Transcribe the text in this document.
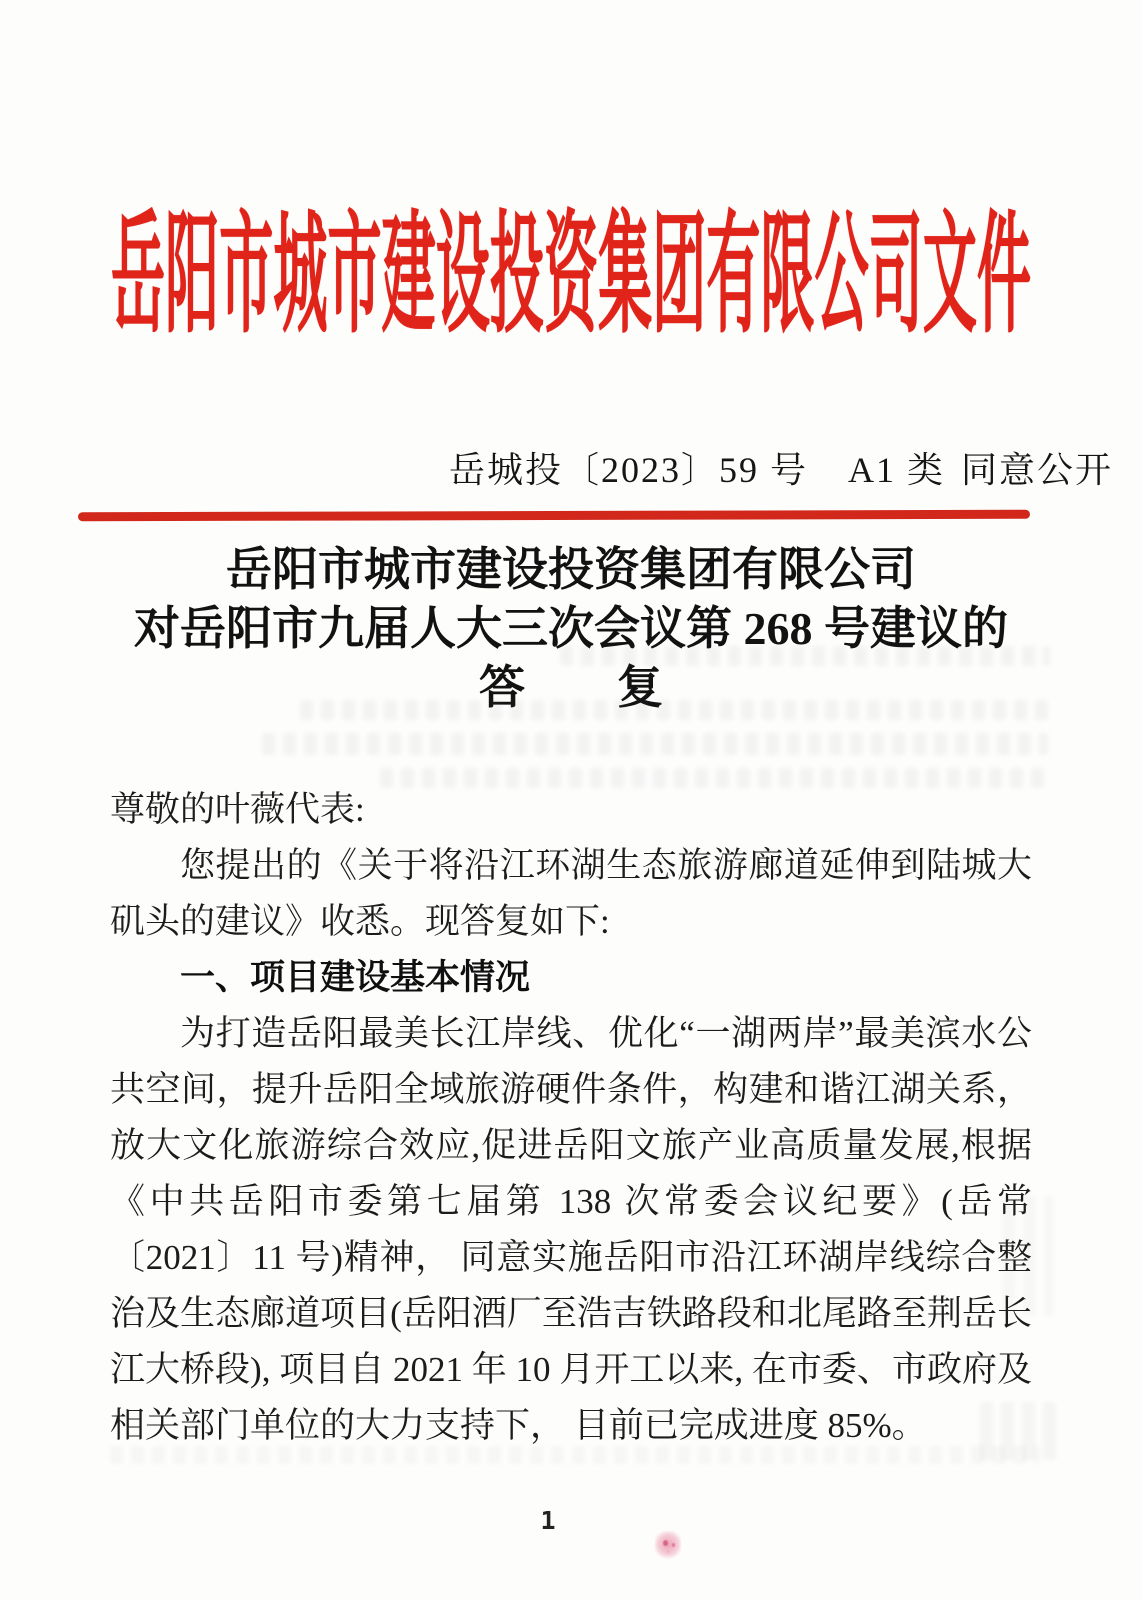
岳阳市城市建设投资集团有限公司文件
岳城投〔2023〕59 号 A1 类 同意公开
岳阳市城市建设投资集团有限公司
对岳阳市九届人大三次会议第 268 号建议的
答　　复

尊敬的叶薇代表:

您提出的《关于将沿江环湖生态旅游廊道延伸到陆城大矶头的建议》收悉。现答复如下:

一、项目建设基本情况

为打造岳阳最美长江岸线、优化“一湖两岸”最美滨水公共空间，提升岳阳全域旅游硬件条件，构建和谐江湖关系，放大文化旅游综合效应,促进岳阳文旅产业高质量发展,根据《中共岳阳市委第七届第 138 次常委会议纪要》(岳常〔2021〕11 号)精神， 同意实施岳阳市沿江环湖岸线综合整治及生态廊道项目(岳阳酒厂至浩吉铁路段和北尾路至荆岳长江大桥段), 项目自 2021 年 10 月开工以来, 在市委、市政府及相关部门单位的大力支持下， 目前已完成进度 85%。

1
